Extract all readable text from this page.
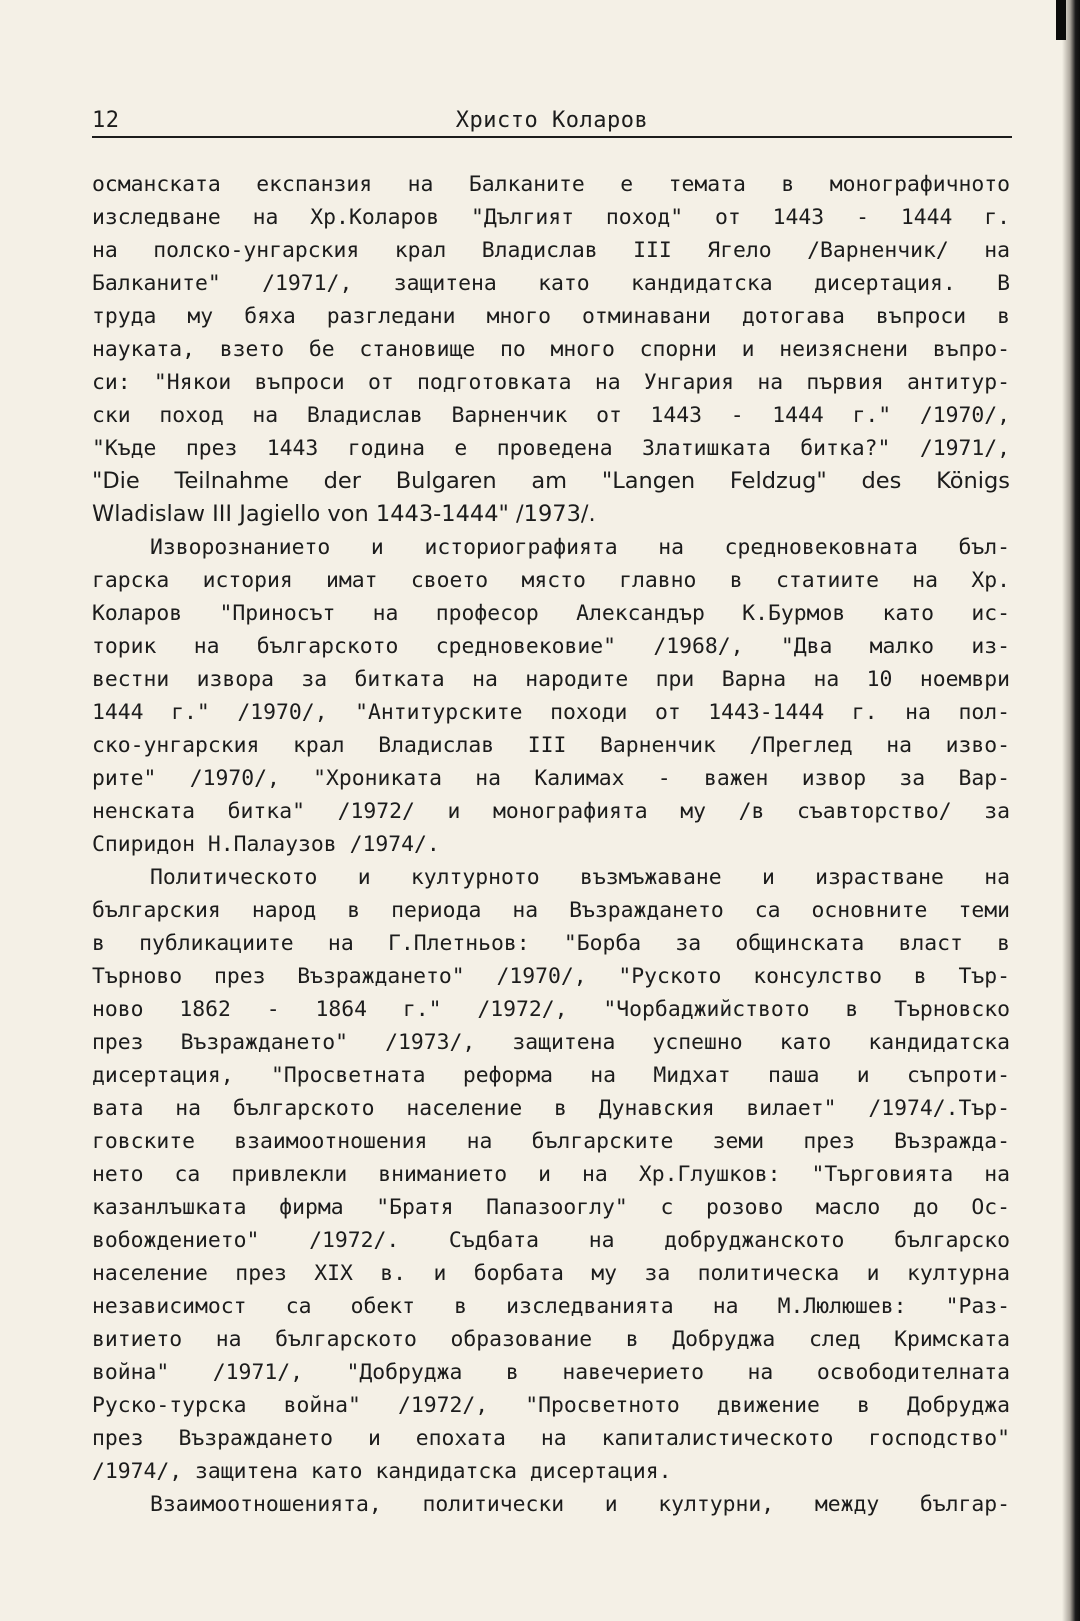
12	Христо Коларов
османската експанзия на Балканите е темата в монографичното
изследване на Хр.Коларов "Дългият поход" от 1443 - 1444 г.
на полско-унгарския крал Владислав III Ягело /Варненчик/ на
Балканите" /1971/, защитена като кандидатска дисертация. В
труда му бяха разгледани много отминавани дотогава въпроси в
науката, взето бе становище по много спорни и неизяснени въпро-
си: "Някои въпроси от подготовката на Унгария на първия антитур-
ски поход на Владислав Варненчик от 1443 - 1444 г." /1970/,
"Къде през 1443 година е проведена Златишката битка?" /1971/,
"Die Teilnahme der Bulgaren am "Langen Feldzug" des Königs
Wladislaw III Jagiello von 1443-1444" /1973/.
Изворознанието и историографията на средновековната бъл-
гарска история имат своето място главно в статиите на Хр.
Коларов "Приносът на професор Александър К.Бурмов като ис-
торик на българското средновековие" /1968/, "Два малко из-
вестни извора за битката на народите при Варна на 10 ноември
1444 г." /1970/, "Антитурските походи от 1443-1444 г. на пол-
ско-унгарския крал Владислав III Варненчик /Преглед на изво-
рите" /1970/, "Хрониката на Калимах - важен извор за Вар-
ненската битка" /1972/ и монографията му /в съавторство/ за
Спиридон Н.Палаузов /1974/.
Политическото и културното възмъжаване и израстване на
българския народ в периода на Възраждането са основните теми
в публикациите на Г.Плетньов: "Борба за общинската власт в
Търново през Възраждането" /1970/, "Руското консулство в Тър-
ново 1862 - 1864 г." /1972/, "Чорбаджийството в Търновско
през Възраждането" /1973/, защитена успешно като кандидатска
дисертация, "Просветната реформа на Мидхат паша и съпроти-
вата на българското население в Дунавския вилает" /1974/.Тър-
говските взаимоотношения на българските земи през Възражда-
нето са привлекли вниманието и на Хр.Глушков: "Търговията на
казанлъшката фирма "Братя Папазооглу" с розово масло до Ос-
вобождението" /1972/. Съдбата на добруджанското българско
население през XIX в. и борбата му за политическа и културна
независимост са обект в изследванията на М.Люлюшев: "Раз-
витието на българското образование в Добруджа след Кримската
война" /1971/, "Добруджа в навечерието на освободителната
Руско-турска война" /1972/, "Просветното движение в Добруджа
през Възраждането и епохата на капиталистическото господство"
/1974/, защитена като кандидатска дисертация.
Взаимоотношенията, политически и културни, между българ-
